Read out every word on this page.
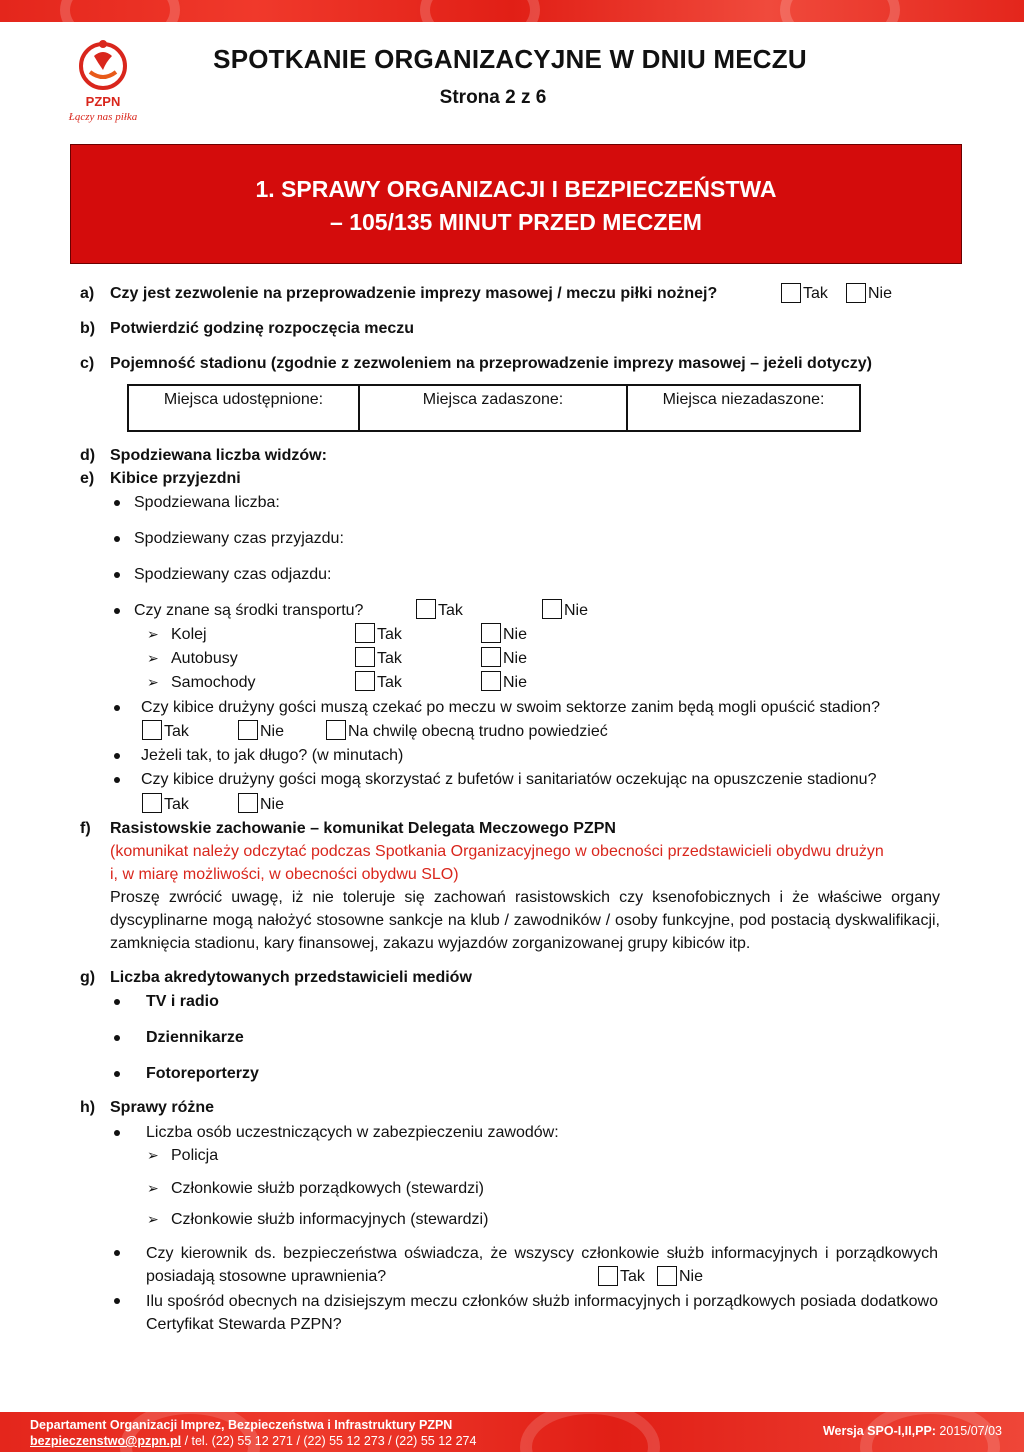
PZPN
Łączy nas piłka
SPOTKANIE ORGANIZACYJNE W DNIU MECZU
Strona 2 z 6
1. SPRAWY ORGANIZACJI I BEZPIECZEŃSTWA
– 105/135 MINUT PRZED MECZEM
a) Czy jest zezwolenie na przeprowadzenie imprezy masowej / meczu piłki nożnej?	Tak	Nie
b) Potwierdzić godzinę rozpoczęcia meczu
c) Pojemność stadionu (zgodnie z zezwoleniem na przeprowadzenie imprezy masowej – jeżeli dotyczy)
Miejsca udostępnione:	Miejsca zadaszone:	Miejsca niezadaszone:
d) Spodziewana liczba widzów:
e) Kibice przyjezdni
Spodziewana liczba:
Spodziewany czas przyjazdu:
Spodziewany czas odjazdu:
Czy znane są środki transportu?	Tak	Nie
➢ Kolej	Tak	Nie
➢ Autobusy	Tak	Nie
➢ Samochody	Tak	Nie
Czy kibice drużyny gości muszą czekać po meczu w swoim sektorze zanim będą mogli opuścić stadion?
Tak	Nie	Na chwilę obecną trudno powiedzieć
Jeżeli tak, to jak długo? (w minutach)
Czy kibice drużyny gości mogą skorzystać z bufetów i sanitariatów oczekując na opuszczenie stadionu?
Tak	Nie
f) Rasistowskie zachowanie – komunikat Delegata Meczowego PZPN
(komunikat należy odczytać podczas Spotkania Organizacyjnego w obecności przedstawicieli obydwu drużyn
i, w miarę możliwości, w obecności obydwu SLO)
Proszę zwrócić uwagę, iż nie toleruje się zachowań rasistowskich czy ksenofobicznych i że właściwe organy dyscyplinarne mogą nałożyć stosowne sankcje na klub / zawodników / osoby funkcyjne, pod postacią dyskwalifikacji, zamknięcia stadionu, kary finansowej, zakazu wyjazdów zorganizowanej grupy kibiców itp.
g) Liczba akredytowanych przedstawicieli mediów
TV i radio
Dziennikarze
Fotoreporterzy
h) Sprawy różne
Liczba osób uczestniczących w zabezpieczeniu zawodów:
➢ Policja
➢ Członkowie służb porządkowych (stewardzi)
➢ Członkowie służb informacyjnych (stewardzi)
Czy kierownik ds. bezpieczeństwa oświadcza, że wszyscy członkowie służb informacyjnych i porządkowych posiadają stosowne uprawnienia?	Tak Nie
Ilu spośród obecnych na dzisiejszym meczu członków służb informacyjnych i porządkowych posiada dodatkowo Certyfikat Stewarda PZPN?
Departament Organizacji Imprez, Bezpieczeństwa i Infrastruktury PZPN
bezpieczenstwo@pzpn.pl / tel. (22) 55 12 271 / (22) 55 12 273 / (22) 55 12 274
Wersja SPO-I,II,PP: 2015/07/03
